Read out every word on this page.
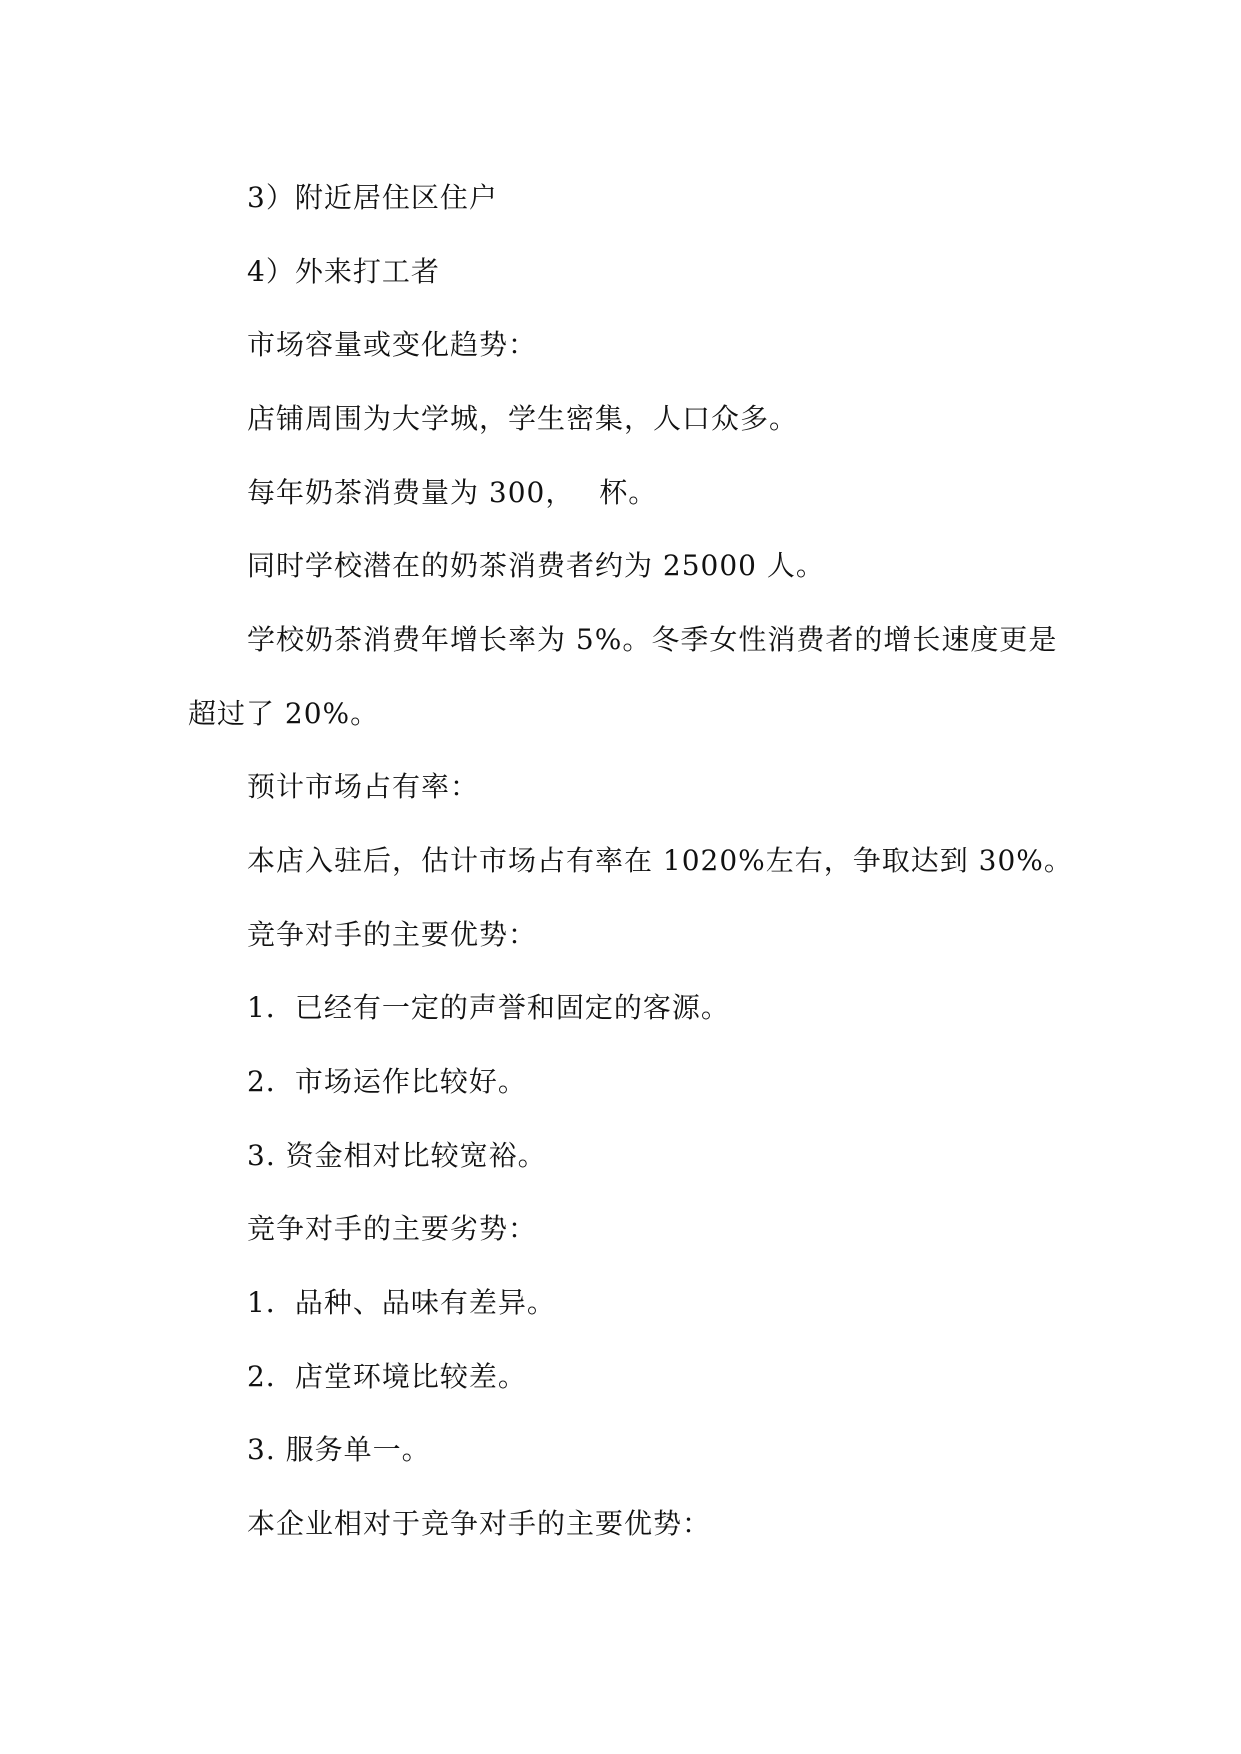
3）附近居住区住户
4）外来打工者
市场容量或变化趋势：
店铺周围为大学城，学生密集，人口众多。
每年奶茶消费量为 300，　 杯。
同时学校潜在的奶茶消费者约为 25000 人。
学校奶茶消费年增长率为 5%。冬季女性消费者的增长速度更是
超过了 20%。
预计市场占有率：
本店入驻后，估计市场占有率在 1020%左右，争取达到 30%。
竞争对手的主要优势：
1．已经有一定的声誉和固定的客源。
2．市场运作比较好。
3. 资金相对比较宽裕。
竞争对手的主要劣势：
1．品种、品味有差异。
2．店堂环境比较差。
3. 服务单一。
本企业相对于竞争对手的主要优势：
